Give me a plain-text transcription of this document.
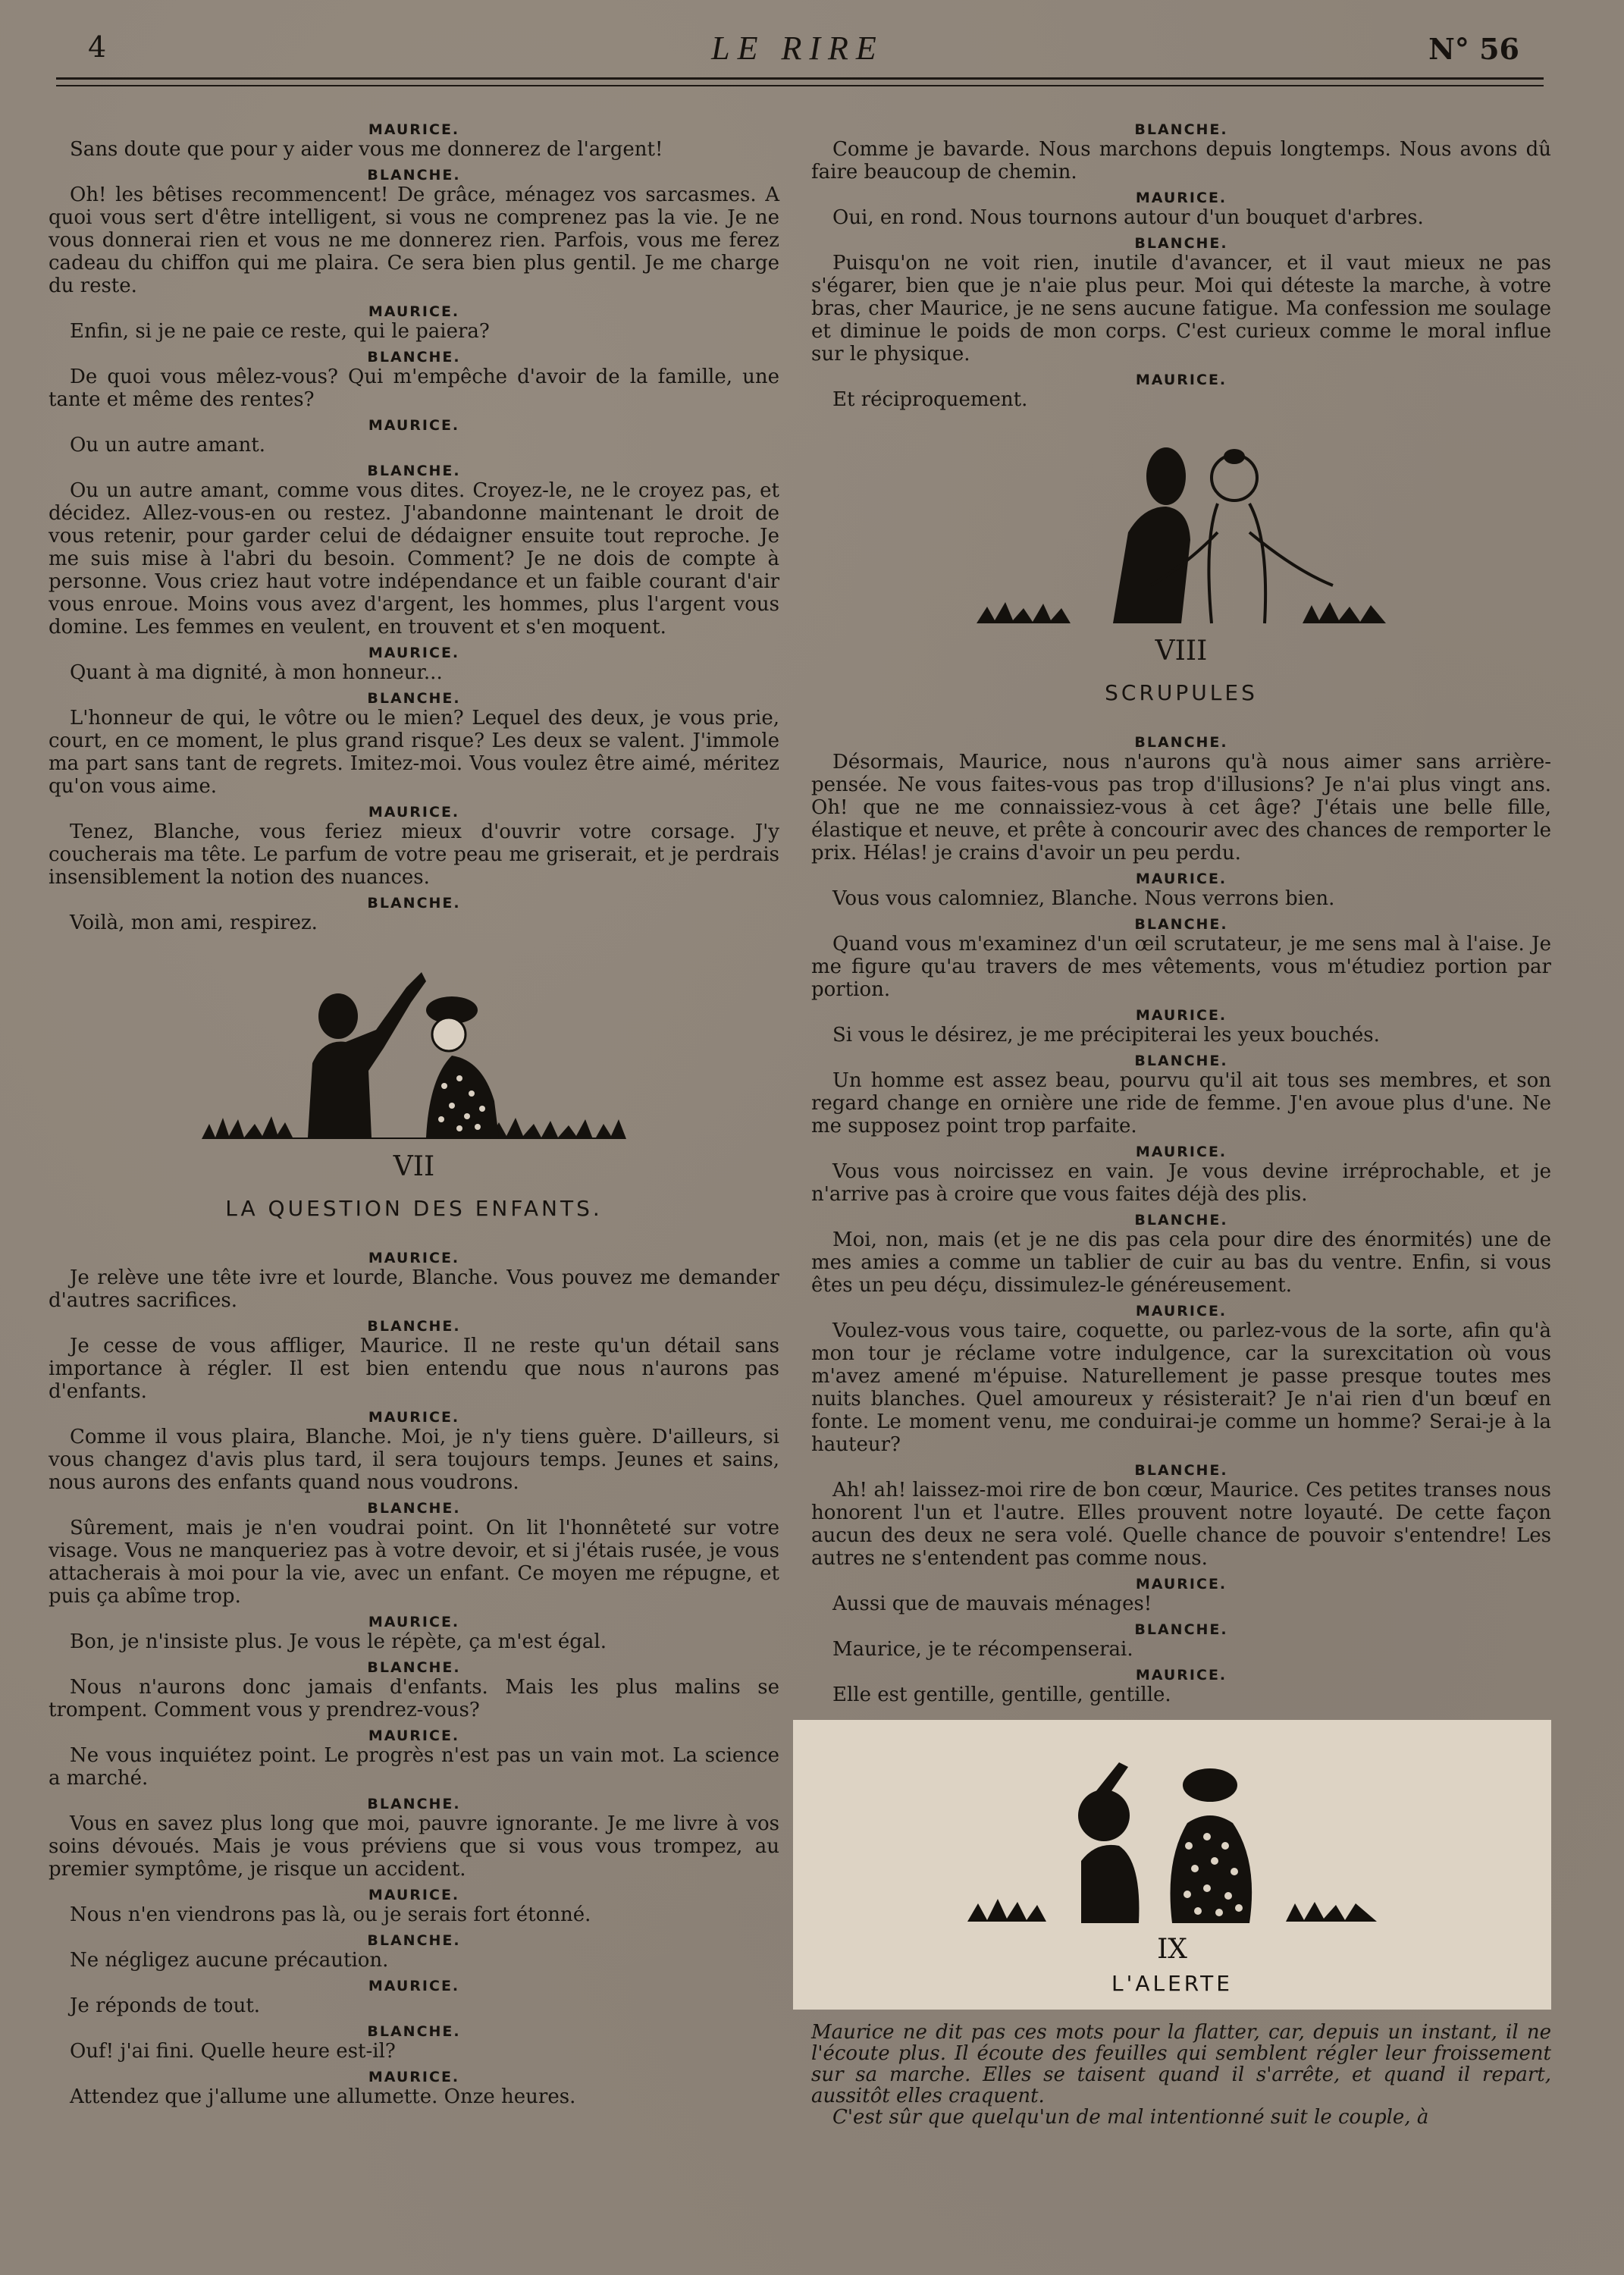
4	LE RIRE	N° 56
MAURICE.

Sans doute que pour y aider vous me donnerez de l'argent!

BLANCHE.

Oh! les bêtises recommencent! De grâce, ménagez vos sarcasmes. A quoi vous sert d'être intelligent, si vous ne comprenez pas la vie. Je ne vous donnerai rien et vous ne me donnerez rien. Parfois, vous me ferez cadeau du chiffon qui me plaira. Ce sera bien plus gentil. Je me charge du reste.

MAURICE.

Enfin, si je ne paie ce reste, qui le paiera?

BLANCHE.

De quoi vous mêlez-vous? Qui m'empêche d'avoir de la famille, une tante et même des rentes?

MAURICE.

Ou un autre amant.

BLANCHE.

Ou un autre amant, comme vous dites. Croyez-le, ne le croyez pas, et décidez. Allez-vous-en ou restez. J'abandonne maintenant le droit de vous retenir, pour garder celui de dédaigner ensuite tout reproche. Je me suis mise à l'abri du besoin. Comment? Je ne dois de compte à personne. Vous criez haut votre indépendance et un faible courant d'air vous enroue. Moins vous avez d'argent, les hommes, plus l'argent vous domine. Les femmes en veulent, en trouvent et s'en moquent.

MAURICE.

Quant à ma dignité, à mon honneur...

BLANCHE.

L'honneur de qui, le vôtre ou le mien? Lequel des deux, je vous prie, court, en ce moment, le plus grand risque? Les deux se valent. J'immole ma part sans tant de regrets. Imitez-moi. Vous voulez être aimé, méritez qu'on vous aime.

MAURICE.

Tenez, Blanche, vous feriez mieux d'ouvrir votre corsage. J'y coucherais ma tête. Le parfum de votre peau me griserait, et je perdrais insensiblement la notion des nuances.

BLANCHE.

Voilà, mon ami, respirez.

VII
LA QUESTION DES ENFANTS.
MAURICE.

Je relève une tête ivre et lourde, Blanche. Vous pouvez me demander d'autres sacrifices.

BLANCHE.

Je cesse de vous affliger, Maurice. Il ne reste qu'un détail sans importance à régler. Il est bien entendu que nous n'aurons pas d'enfants.

MAURICE.

Comme il vous plaira, Blanche. Moi, je n'y tiens guère. D'ailleurs, si vous changez d'avis plus tard, il sera toujours temps. Jeunes et sains, nous aurons des enfants quand nous voudrons.

BLANCHE.

Sûrement, mais je n'en voudrai point. On lit l'honnêteté sur votre visage. Vous ne manqueriez pas à votre devoir, et si j'étais rusée, je vous attacherais à moi pour la vie, avec un enfant. Ce moyen me répugne, et puis ça abîme trop.

MAURICE.

Bon, je n'insiste plus. Je vous le répète, ça m'est égal.

BLANCHE.

Nous n'aurons donc jamais d'enfants. Mais les plus malins se trompent. Comment vous y prendrez-vous?

MAURICE.

Ne vous inquiétez point. Le progrès n'est pas un vain mot. La science a marché.

BLANCHE.

Vous en savez plus long que moi, pauvre ignorante. Je me livre à vos soins dévoués. Mais je vous préviens que si vous vous trompez, au premier symptôme, je risque un accident.

MAURICE.

Nous n'en viendrons pas là, ou je serais fort étonné.

BLANCHE.

Ne négligez aucune précaution.

MAURICE.

Je réponds de tout.

BLANCHE.

Ouf! j'ai fini. Quelle heure est-il?

MAURICE.

Attendez que j'allume une allumette. Onze heures.

BLANCHE.

Comme je bavarde. Nous marchons depuis longtemps. Nous avons dû faire beaucoup de chemin.

MAURICE.

Oui, en rond. Nous tournons autour d'un bouquet d'arbres.

BLANCHE.

Puisqu'on ne voit rien, inutile d'avancer, et il vaut mieux ne pas s'égarer, bien que je n'aie plus peur. Moi qui déteste la marche, à votre bras, cher Maurice, je ne sens aucune fatigue. Ma confession me soulage et diminue le poids de mon corps. C'est curieux comme le moral influe sur le physique.

MAURICE.

Et réciproquement.

VIII
SCRUPULES
BLANCHE.

Désormais, Maurice, nous n'aurons qu'à nous aimer sans arrière-pensée. Ne vous faites-vous pas trop d'illusions? Je n'ai plus vingt ans. Oh! que ne me connaissiez-vous à cet âge? J'étais une belle fille, élastique et neuve, et prête à concourir avec des chances de remporter le prix. Hélas! je crains d'avoir un peu perdu.

MAURICE.

Vous vous calomniez, Blanche. Nous verrons bien.

BLANCHE.

Quand vous m'examinez d'un œil scrutateur, je me sens mal à l'aise. Je me figure qu'au travers de mes vêtements, vous m'étudiez portion par portion.

MAURICE.

Si vous le désirez, je me précipiterai les yeux bouchés.

BLANCHE.

Un homme est assez beau, pourvu qu'il ait tous ses membres, et son regard change en ornière une ride de femme. J'en avoue plus d'une. Ne me supposez point trop parfaite.

MAURICE.

Vous vous noircissez en vain. Je vous devine irréprochable, et je n'arrive pas à croire que vous faites déjà des plis.

BLANCHE.

Moi, non, mais (et je ne dis pas cela pour dire des énormités) une de mes amies a comme un tablier de cuir au bas du ventre. Enfin, si vous êtes un peu déçu, dissimulez-le généreusement.

MAURICE.

Voulez-vous vous taire, coquette, ou parlez-vous de la sorte, afin qu'à mon tour je réclame votre indulgence, car la surexcitation où vous m'avez amené m'épuise. Naturellement je passe presque toutes mes nuits blanches. Quel amoureux y résisterait? Je n'ai rien d'un bœuf en fonte. Le moment venu, me conduirai-je comme un homme? Serai-je à la hauteur?

BLANCHE.

Ah! ah! laissez-moi rire de bon cœur, Maurice. Ces petites transes nous honorent l'un et l'autre. Elles prouvent notre loyauté. De cette façon aucun des deux ne sera volé. Quelle chance de pouvoir s'entendre! Les autres ne s'entendent pas comme nous.

MAURICE.

Aussi que de mauvais ménages!

BLANCHE.

Maurice, je te récompenserai.

MAURICE.

Elle est gentille, gentille, gentille.

IX
L'ALERTE

Maurice ne dit pas ces mots pour la flatter, car, depuis un instant, il ne l'écoute plus. Il écoute des feuilles qui semblent régler leur froissement sur sa marche. Elles se taisent quand il s'arrête, et quand il repart, aussitôt elles craquent.

C'est sûr que quelqu'un de mal intentionné suit le couple, à
